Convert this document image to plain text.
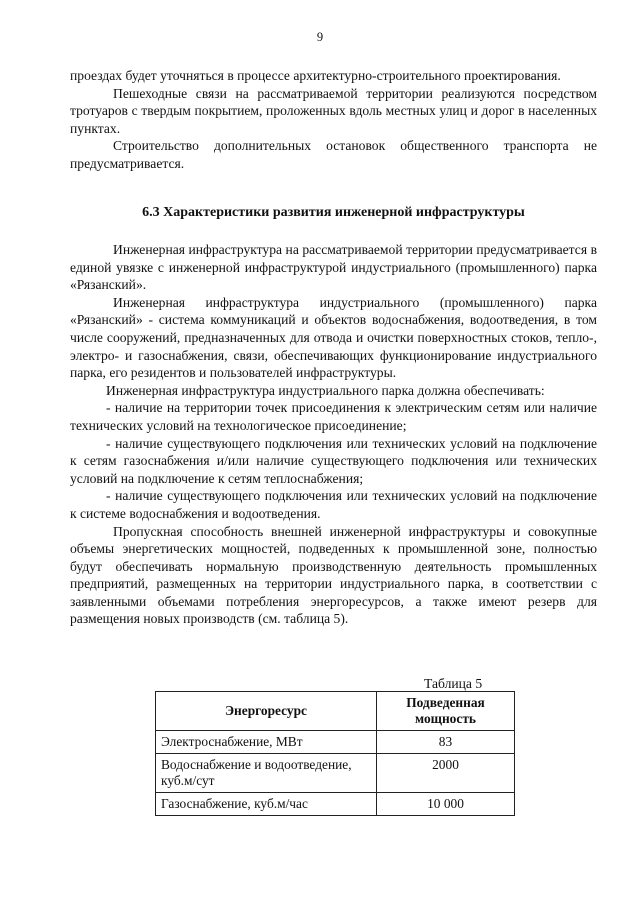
9

проездах будет уточняться в процессе архитектурно-строительного проектирования.

Пешеходные связи на рассматриваемой территории реализуются посредством тротуаров с твердым покрытием, проложенных вдоль местных улиц и дорог в населенных пунктах.

Строительство дополнительных остановок общественного транспорта не предусматривается.

6.3 Характеристики развития инженерной инфраструктуры

Инженерная инфраструктура на рассматриваемой территории предусматривается в единой увязке с инженерной инфраструктурой индустриального (промышленного) парка «Рязанский».

Инженерная инфраструктура индустриального (промышленного) парка «Рязанский» - система коммуникаций и объектов водоснабжения, водоотведения, в том числе сооружений, предназначенных для отвода и очистки поверхностных стоков, тепло-, электро- и газоснабжения, связи, обеспечивающих функционирование индустриального парка, его резидентов и пользователей инфраструктуры.

Инженерная инфраструктура индустриального парка должна обеспечивать:

- наличие на территории точек присоединения к электрическим сетям или наличие технических условий на технологическое присоединение;

- наличие существующего подключения или технических условий на подключение к сетям газоснабжения и/или наличие существующего подключения или технических условий на подключение к сетям теплоснабжения;

- наличие существующего подключения или технических условий на подключение к системе водоснабжения и водоотведения.

Пропускная способность внешней инженерной инфраструктуры и совокупные объемы энергетических мощностей, подведенных к промышленной зоне, полностью будут обеспечивать нормальную производственную деятельность промышленных предприятий, размещенных на территории индустриального парка, в соответствии с заявленными объемами потребления энергоресурсов, а также имеют резерв для размещения новых производств (см. таблица 5).

Таблица 5
Энергоресурс	Подведенная мощность
Электроснабжение, МВт	83
Водоснабжение и водоотведение, куб.м/сут	2000
Газоснабжение, куб.м/час	10 000
